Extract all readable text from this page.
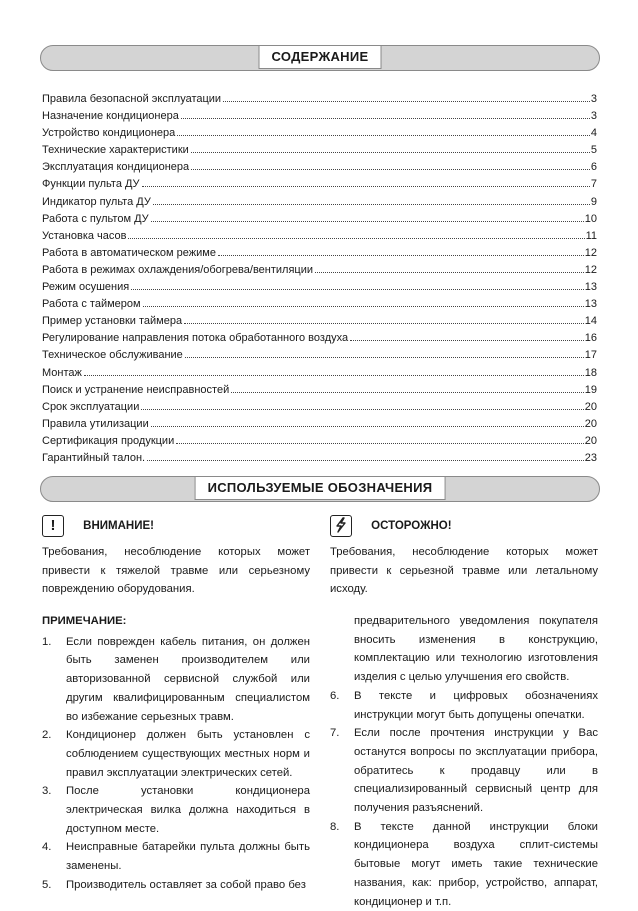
СОДЕРЖАНИЕ
Правила безопасной эксплуатации	3
Назначение кондиционера	3
Устройство кондиционера	4
Технические характеристики	5
Эксплуатация кондиционера	6
Функции пульта ДУ	7
Индикатор пульта ДУ	9
Работа с пультом ДУ	10
Установка часов	11
Работа в автоматическом режиме	12
Работа в режимах охлаждения/обогрева/вентиляции	12
Режим осушения	13
Работа с таймером	13
Пример установки таймера	14
Регулирование направления потока обработанного воздуха	16
Техническое обслуживание	17
Монтаж	18
Поиск и устранение неисправностей	19
Срок эксплуатации	20
Правила утилизации	20
Сертификация продукции	20
Гарантийный талон.	23
ИСПОЛЬЗУЕМЫЕ ОБОЗНАЧЕНИЯ
! ВНИМАНИЕ!
Требования, несоблюдение которых может привести к тяжелой травме или серьезному повреждению оборудования.
ОСТОРОЖНО!
Требования, несоблюдение которых может привести к серьезной травме или летальному исходу.
ПРИМЕЧАНИЕ:
1.	Если поврежден кабель питания, он должен быть заменен производителем или авторизованной сервисной службой или другим квалифицированным специалистом во избежание серьезных травм.
2.	Кондиционер должен быть установлен с соблюдением существующих местных норм и правил эксплуатации электрических сетей.
3.	После установки кондиционера электрическая вилка должна находиться в доступном месте.
4.	Неисправные батарейки пульта должны быть заменены.
5.	Производитель оставляет за собой право без
предварительного уведомления покупателя вносить изменения в конструкцию, комплектацию или технологию изготовления изделия с целью улучшения его свойств.
6.	В тексте и цифровых обозначениях инструкции могут быть допущены опечатки.
7.	Если после прочтения инструкции у Вас остaнутся вопросы по эксплуатации прибора, обратитесь к продавцу или в специализированный сервисный центр для получения разъяснений.
8.	В тексте данной инструкции блоки кондиционера воздуха сплит-системы бытовые могут иметь такие технические названия, как: прибор, устройство, аппарат, кондиционер и т.п.
